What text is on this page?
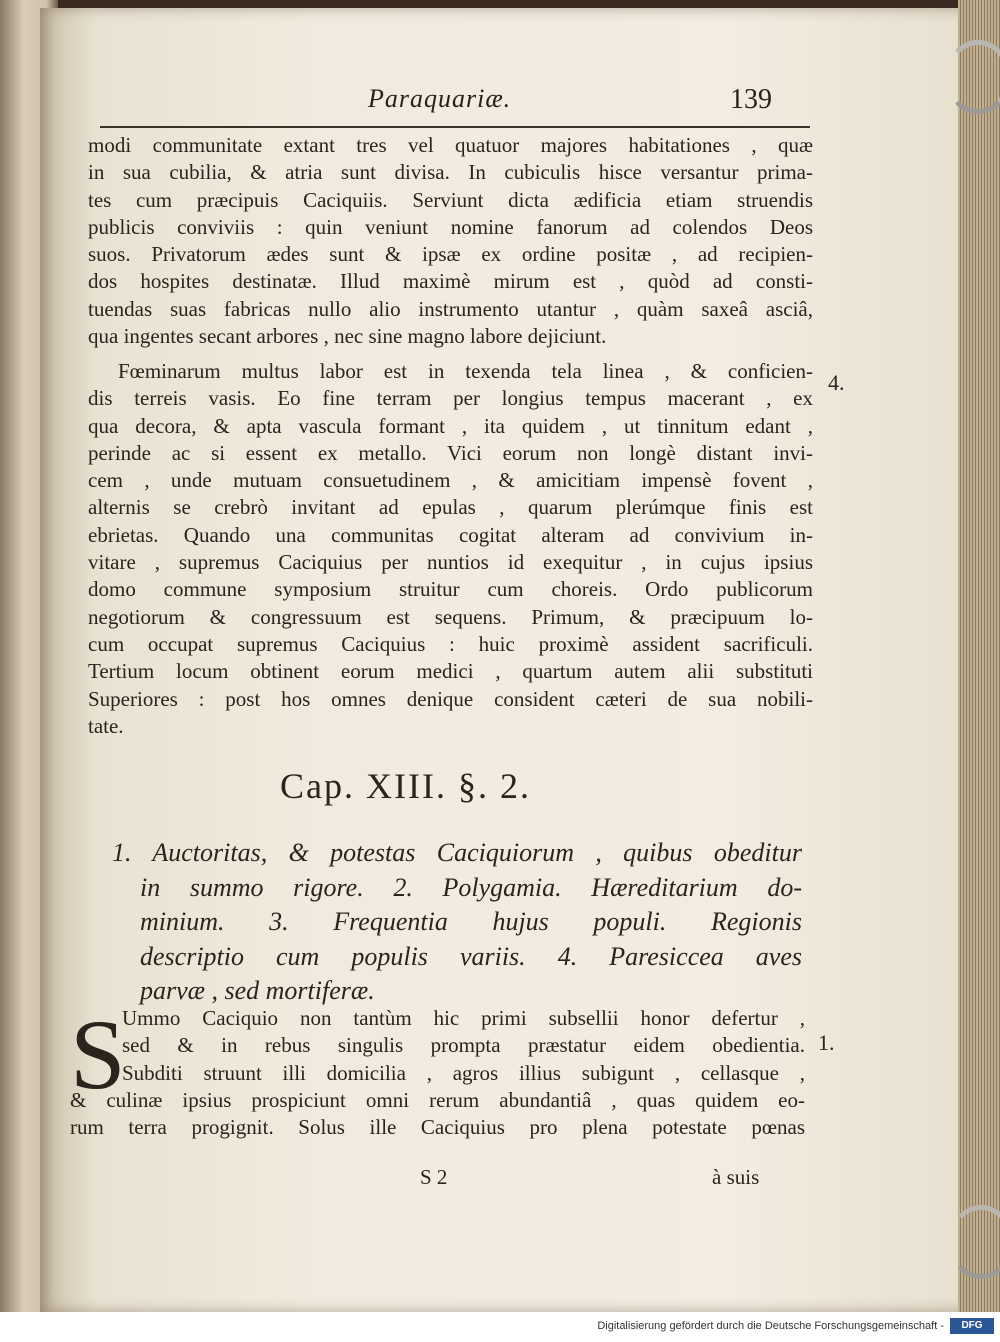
Paraquariæ.	139
modi communitate extant tres vel quatuor majores habitationes , quæ
in sua cubilia, & atria sunt divisa. In cubiculis hisce versantur prima-
tes cum præcipuis Caciquiis. Serviunt dicta ædificia etiam struendis
publicis conviviis : quin veniunt nomine fanorum ad colendos Deos
suos. Privatorum ædes sunt & ipsæ ex ordine positæ , ad recipien-
dos hospites destinatæ. Illud maximè mirum est , quòd ad consti-
tuendas suas fabricas nullo alio instrumento utantur , quàm saxeâ asciâ,
qua ingentes secant arbores , nec sine magno labore dejiciunt.
Fœminarum multus labor est in texenda tela linea , & conficien-
dis terreis vasis. Eo fine terram per longius tempus macerant , ex
qua decora, & apta vascula formant , ita quidem , ut tinnitum edant ,
perinde ac si essent ex metallo. Vici eorum non longè distant invi-
cem , unde mutuam consuetudinem , & amicitiam impensè fovent ,
alternis se crebrò invitant ad epulas , quarum plerúmque finis est
ebrietas. Quando una communitas cogitat alteram ad convivium in-
vitare , supremus Caciquius per nuntios id exequitur , in cujus ipsius
domo commune symposium struitur cum choreis. Ordo publicorum
negotiorum & congressuum est sequens. Primum, & præcipuum lo-
cum occupat supremus Caciquius : huic proximè assident sacrificuli.
Tertium locum obtinent eorum medici , quartum autem alii substituti
Superiores : post hos omnes denique consident cæteri de sua nobili-
tate.
4.
Cap. XIII. §. 2.
1. Auctoritas, & potestas Caciquiorum , quibus obeditur
in summo rigore. 2. Polygamia. Hæreditarium do-
minium. 3. Frequentia hujus populi. Regionis
descriptio cum populis variis. 4. Paresiccea aves
parvæ , sed mortiferæ.
S
Ummo Caciquio non tantùm hic primi subsellii honor defertur ,
sed & in rebus singulis prompta præstatur eidem obedientia.
Subditi struunt illi domicilia , agros illius subigunt , cellasque ,
& culinæ ipsius prospiciunt omni rerum abundantiâ , quas quidem eo-
rum terra progignit. Solus ille Caciquius pro plena potestate pœnas
1.
S 2	à suis
Digitalisierung gefördert durch die Deutsche Forschungsgemeinschaft -	DFG
